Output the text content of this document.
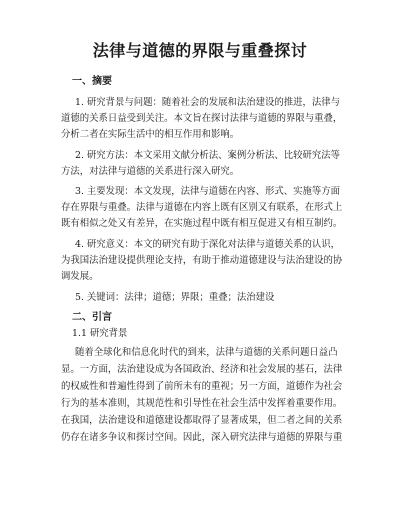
法律与道德的界限与重叠探讨
一、摘要
1. 研究背景与问题：随着社会的发展和法治建设的推进，法律与
道德的关系日益受到关注。本文旨在探讨法律与道德的界限与重叠，
分析二者在实际生活中的相互作用和影响。
2. 研究方法：本文采用文献分析法、案例分析法、比较研究法等
方法，对法律与道德的关系进行深入研究。
3. 主要发现：本文发现，法律与道德在内容、形式、实施等方面
存在界限与重叠。法律与道德在内容上既有区别又有联系，在形式上
既有相似之处又有差异，在实施过程中既有相互促进又有相互制约。
4. 研究意义：本文的研究有助于深化对法律与道德关系的认识，
为我国法治建设提供理论支持，有助于推动道德建设与法治建设的协
调发展。
5. 关键词：法律；道德；界限；重叠；法治建设
二、引言
1.1 研究背景
随着全球化和信息化时代的到来，法律与道德的关系问题日益凸
显。一方面，法治建设成为各国政治、经济和社会发展的基石，法律
的权威性和普遍性得到了前所未有的重视；另一方面，道德作为社会
行为的基本准则，其规范性和引导性在社会生活中发挥着重要作用。
在我国，法治建设和道德建设都取得了显著成果，但二者之间的关系
仍存在诸多争议和探讨空间。因此，深入研究法律与道德的界限与重
